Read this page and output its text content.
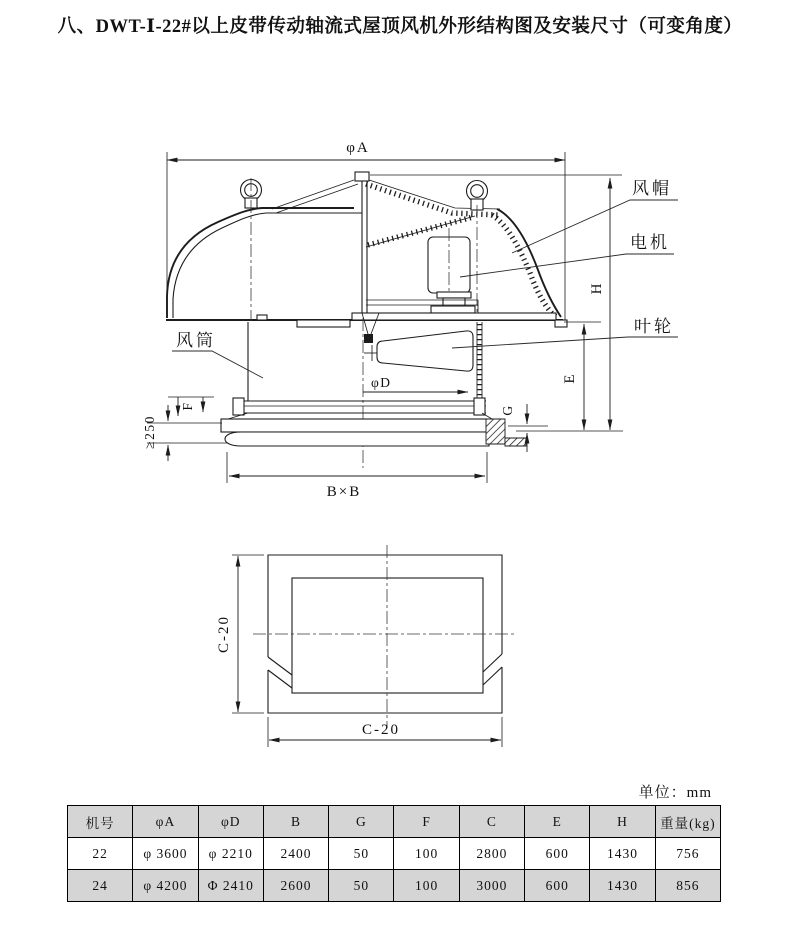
八、DWT-Ⅰ-22#以上皮带传动轴流式屋顶风机外形结构图及安装尺寸（可变角度）
φA
H
E
F	G
≥250
B×B
φD
风帽
电机
叶轮
风筒
C-20
C-20
单位：mm
机号	φA	φD	B	G	F	C	E	H	重量(kg)
22	φ 3600	φ 2210	2400	50	100	2800	600	1430	756
24	φ 4200	Φ 2410	2600	50	100	3000	600	1430	856
